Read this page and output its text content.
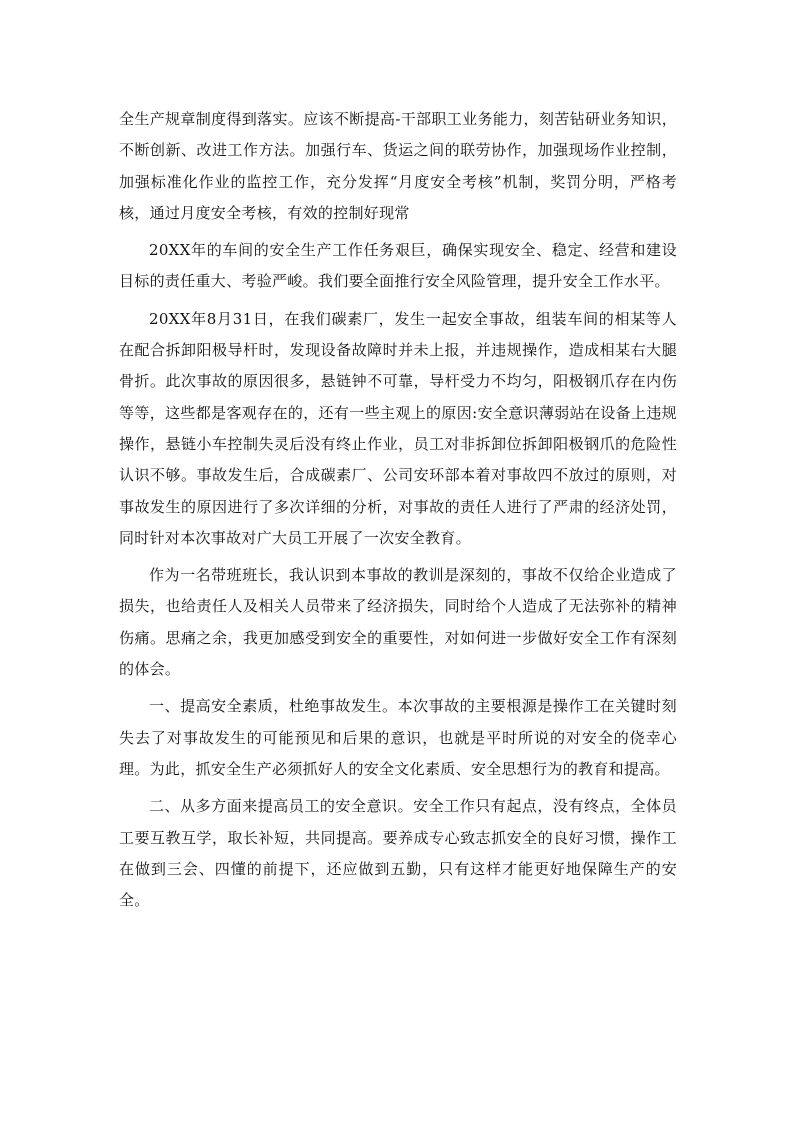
全生产规章制度得到落实。应该不断提高-干部职工业务能力，刻苦钻研业务知识，不断创新、改进工作方法。加强行车、货运之间的联劳协作，加强现场作业控制，加强标准化作业的监控工作，充分发挥“月度安全考核”机制，奖罚分明，严格考核，通过月度安全考核，有效的控制好现常

20XX年的车间的安全生产工作任务艰巨，确保实现安全、稳定、经营和建设目标的责任重大、考验严峻。我们要全面推行安全风险管理，提升安全工作水平。

20XX年8月31日，在我们碳素厂，发生一起安全事故，组装车间的相某等人在配合拆卸阳极导杆时，发现设备故障时并未上报，并违规操作，造成相某右大腿骨折。此次事故的原因很多，悬链钟不可靠，导杆受力不均匀，阳极钢爪存在内伤等等，这些都是客观存在的，还有一些主观上的原因:安全意识薄弱站在设备上违规操作，悬链小车控制失灵后没有终止作业，员工对非拆卸位拆卸阳极钢爪的危险性认识不够。事故发生后，合成碳素厂、公司安环部本着对事故四不放过的原则，对事故发生的原因进行了多次详细的分析，对事故的责任人进行了严肃的经济处罚，同时针对本次事故对广大员工开展了一次安全教育。

作为一名带班班长，我认识到本事故的教训是深刻的，事故不仅给企业造成了损失，也给责任人及相关人员带来了经济损失，同时给个人造成了无法弥补的精神伤痛。思痛之余，我更加感受到安全的重要性，对如何进一步做好安全工作有深刻的体会。

一、提高安全素质，杜绝事故发生。本次事故的主要根源是操作工在关键时刻失去了对事故发生的可能预见和后果的意识，也就是平时所说的对安全的侥幸心理。为此，抓安全生产必须抓好人的安全文化素质、安全思想行为的教育和提高。

二、从多方面来提高员工的安全意识。安全工作只有起点，没有终点，全体员工要互教互学，取长补短，共同提高。要养成专心致志抓安全的良好习惯，操作工在做到三会、四懂的前提下，还应做到五勤，只有这样才能更好地保障生产的安全。
